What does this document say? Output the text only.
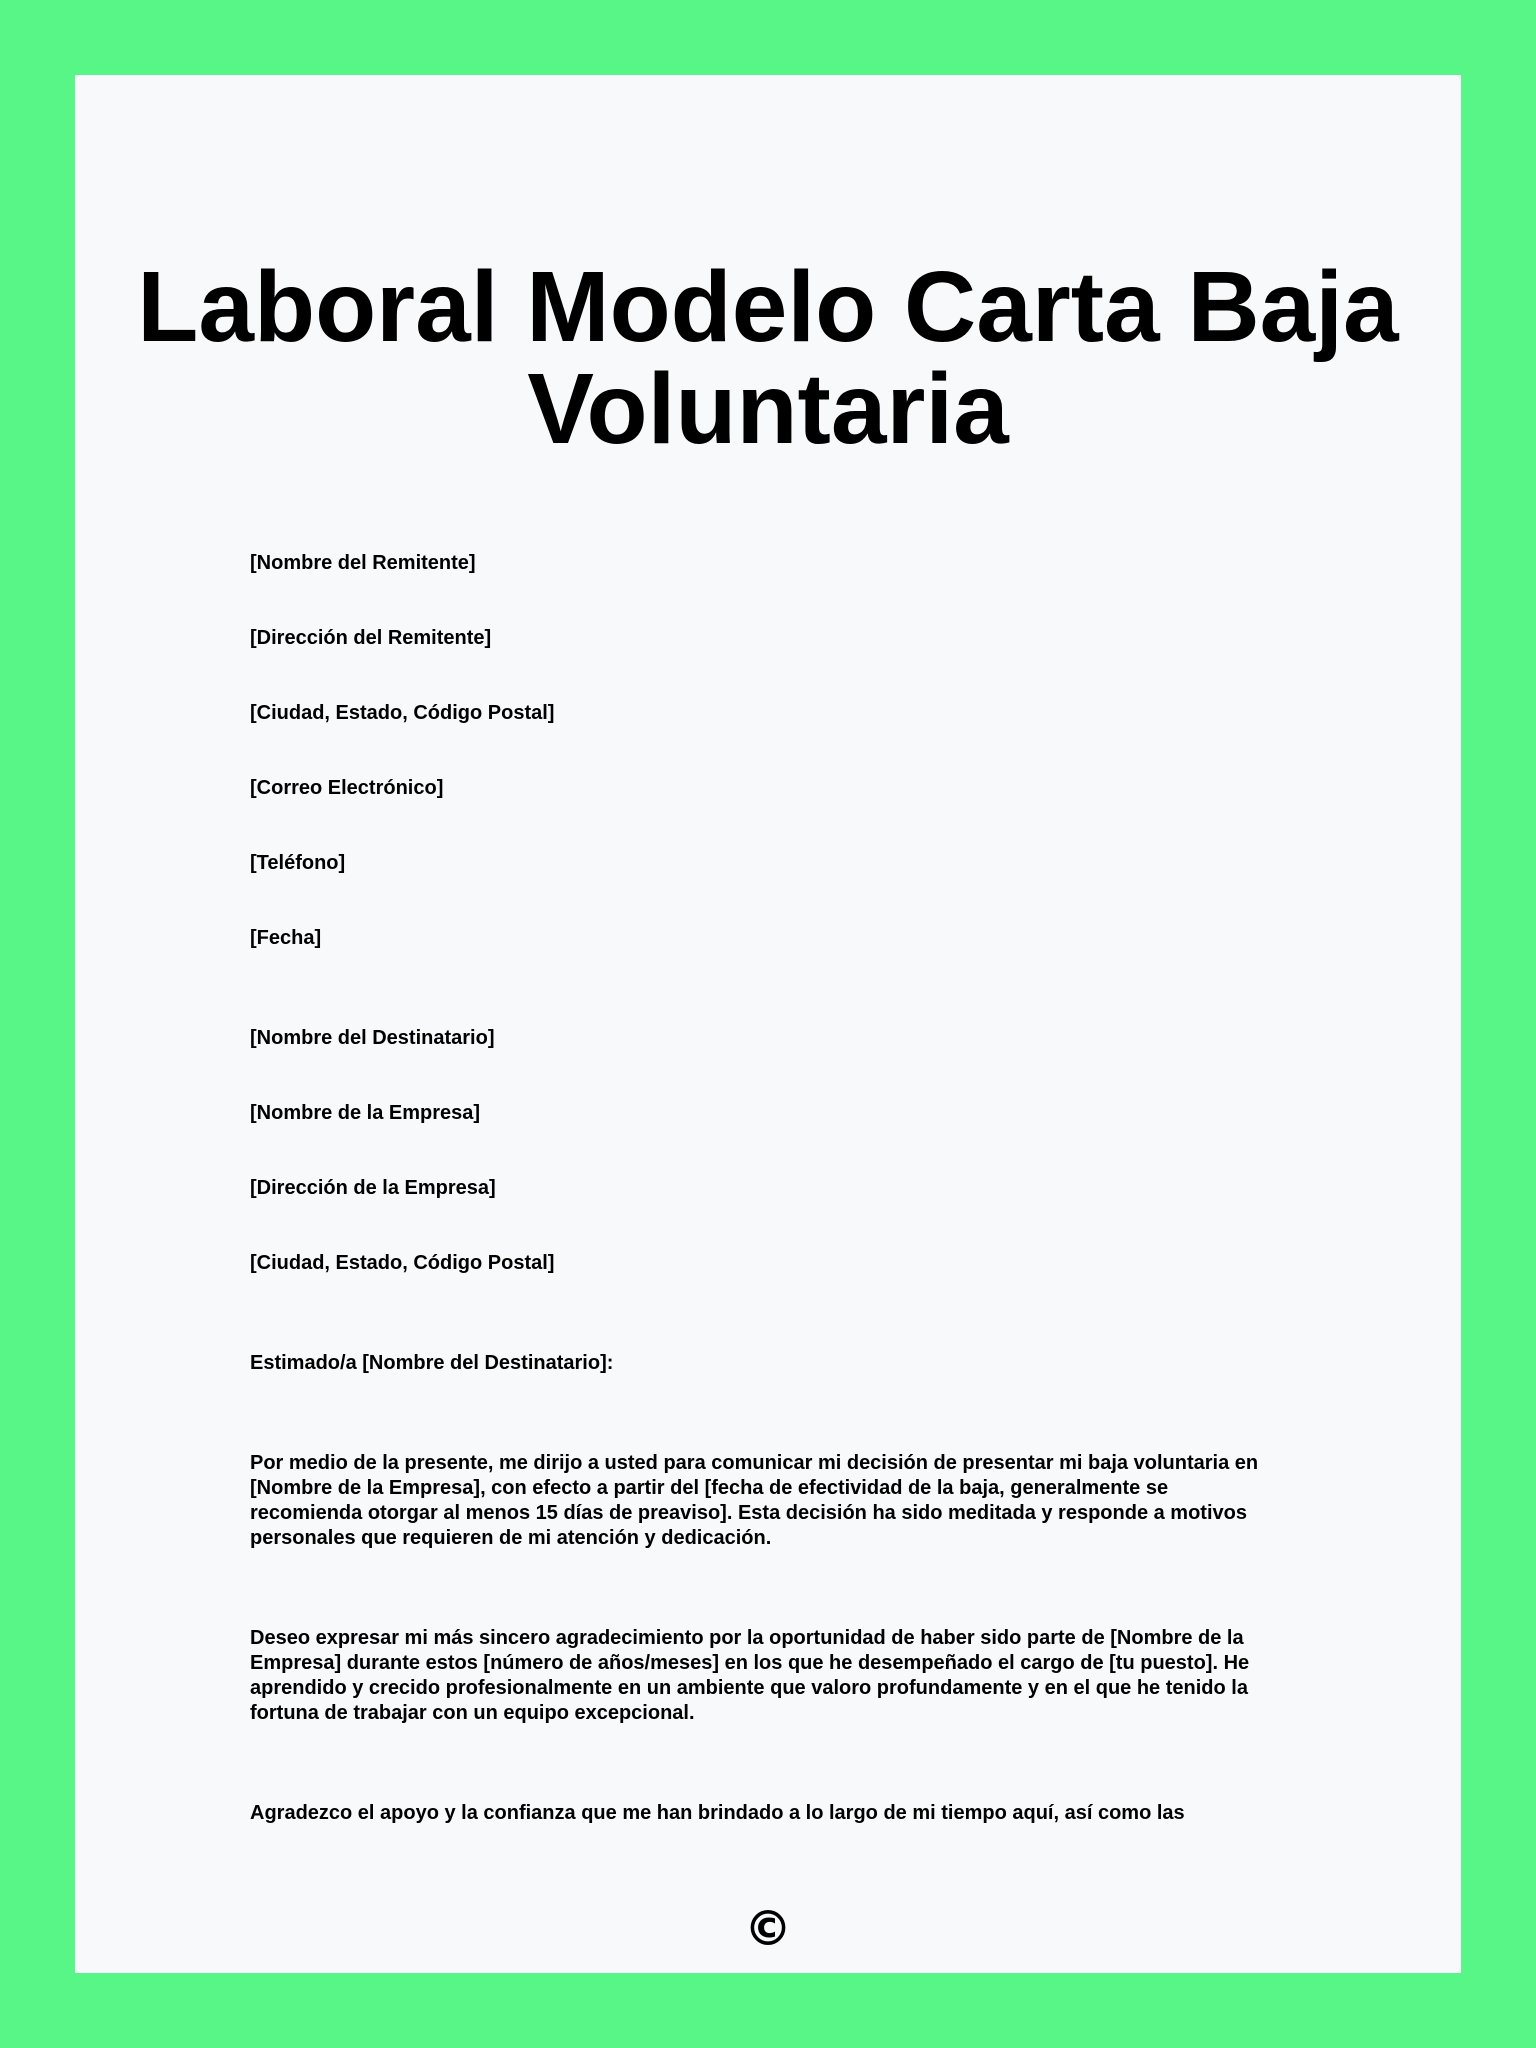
Laboral Modelo Carta Baja Voluntaria

[Nombre del Remitente]

[Dirección del Remitente]

[Ciudad, Estado, Código Postal]

[Correo Electrónico]

[Teléfono]

[Fecha]

[Nombre del Destinatario]

[Nombre de la Empresa]

[Dirección de la Empresa]

[Ciudad, Estado, Código Postal]

Estimado/a [Nombre del Destinatario]:

Por medio de la presente, me dirijo a usted para comunicar mi decisión de presentar mi baja voluntaria en [Nombre de la Empresa], con efecto a partir del [fecha de efectividad de la baja, generalmente se recomienda otorgar al menos 15 días de preaviso]. Esta decisión ha sido meditada y responde a motivos personales que requieren de mi atención y dedicación.

Deseo expresar mi más sincero agradecimiento por la oportunidad de haber sido parte de [Nombre de la Empresa] durante estos [número de años/meses] en los que he desempeñado el cargo de [tu puesto]. He aprendido y crecido profesionalmente en un ambiente que valoro profundamente y en el que he tenido la fortuna de trabajar con un equipo excepcional.

Agradezco el apoyo y la confianza que me han brindado a lo largo de mi tiempo aquí, así como las

©
